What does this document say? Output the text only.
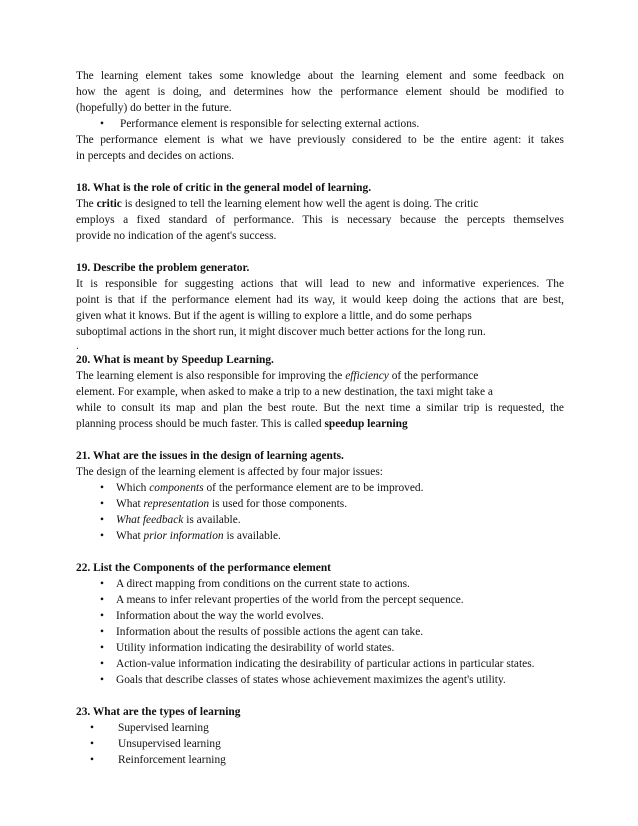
The learning element takes some knowledge about the learning element and some feedback on

how the agent is doing, and determines how the performance element should be modified to

(hopefully) do better in the future.

• Performance element is responsible for selecting external actions.

The performance element is what we have previously considered to be the entire agent: it takes

in percepts and decides on actions.

18. What is the role of critic in the general model of learning.

The critic is designed to tell the learning element how well the agent is doing. The critic

employs a fixed standard of performance. This is necessary because the percepts themselves

provide no indication of the agent's success.

19. Describe the problem generator.

It is responsible for suggesting actions that will lead to new and informative experiences. The

point is that if the performance element had its way, it would keep doing the actions that are best,

given what it knows. But if the agent is willing to explore a little, and do some perhaps

suboptimal actions in the short run, it might discover much better actions for the long run.

.

20. What is meant by Speedup Learning.

The learning element is also responsible for improving the efficiency of the performance

element. For example, when asked to make a trip to a new destination, the taxi might take a

while to consult its map and plan the best route. But the next time a similar trip is requested, the

planning process should be much faster. This is called speedup learning

21. What are the issues in the design of learning agents.

The design of the learning element is affected by four major issues:

• Which components of the performance element are to be improved.
• What representation is used for those components.
• What feedback is available.
• What prior information is available.

22. List the Components of the performance element

• A direct mapping from conditions on the current state to actions.
• A means to infer relevant properties of the world from the percept sequence.
• Information about the way the world evolves.
• Information about the results of possible actions the agent can take.
• Utility information indicating the desirability of world states.
• Action-value information indicating the desirability of particular actions in particular states.
• Goals that describe classes of states whose achievement maximizes the agent's utility.

23. What are the types of learning

• Supervised learning
• Unsupervised learning
• Reinforcement learning
